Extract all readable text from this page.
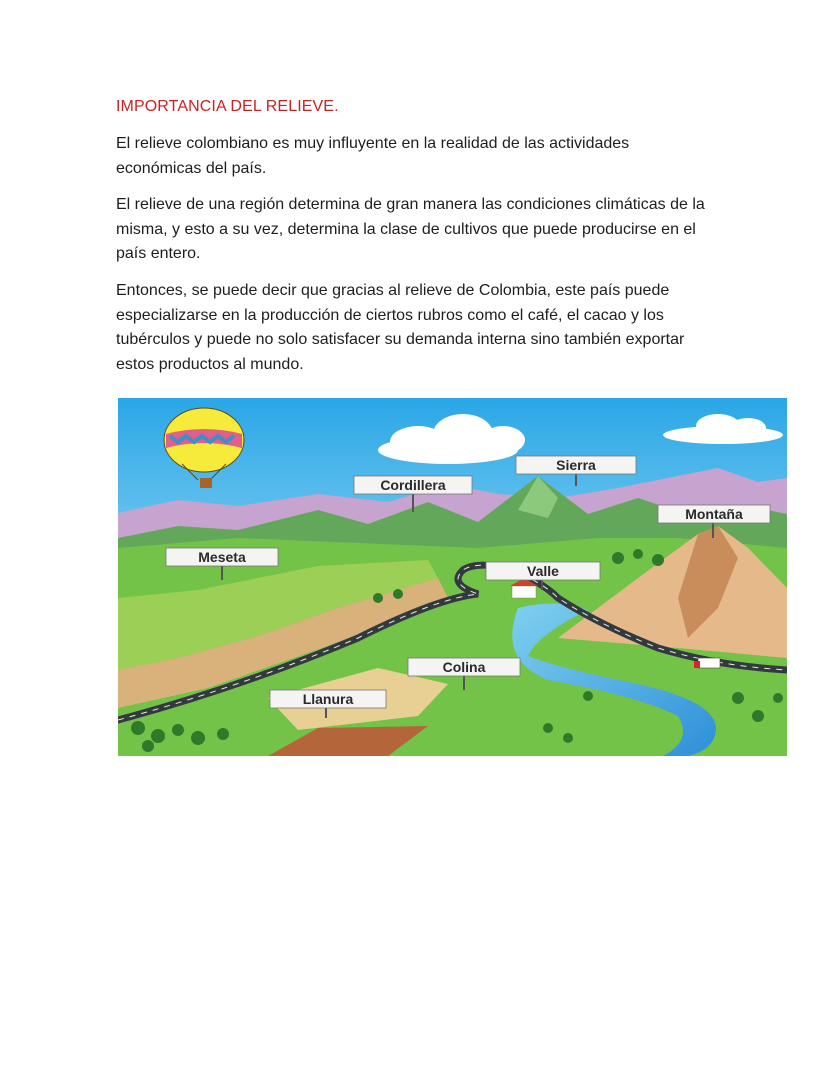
IMPORTANCIA DEL RELIEVE.

El relieve colombiano es muy influyente en la realidad de las actividades económicas del país.

El relieve de una región determina de gran manera las condiciones climáticas de la misma, y esto a su vez, determina la clase de cultivos que puede producirse en el país entero.

Entonces, se puede decir que gracias al relieve de Colombia, este país puede especializarse en la producción de ciertos rubros como el café, el cacao y los tubérculos y puede no solo satisfacer su demanda interna sino también exportar estos productos al mundo.

Sierra
Cordillera
Montaña
Meseta
Valle
Colina
Llanura
